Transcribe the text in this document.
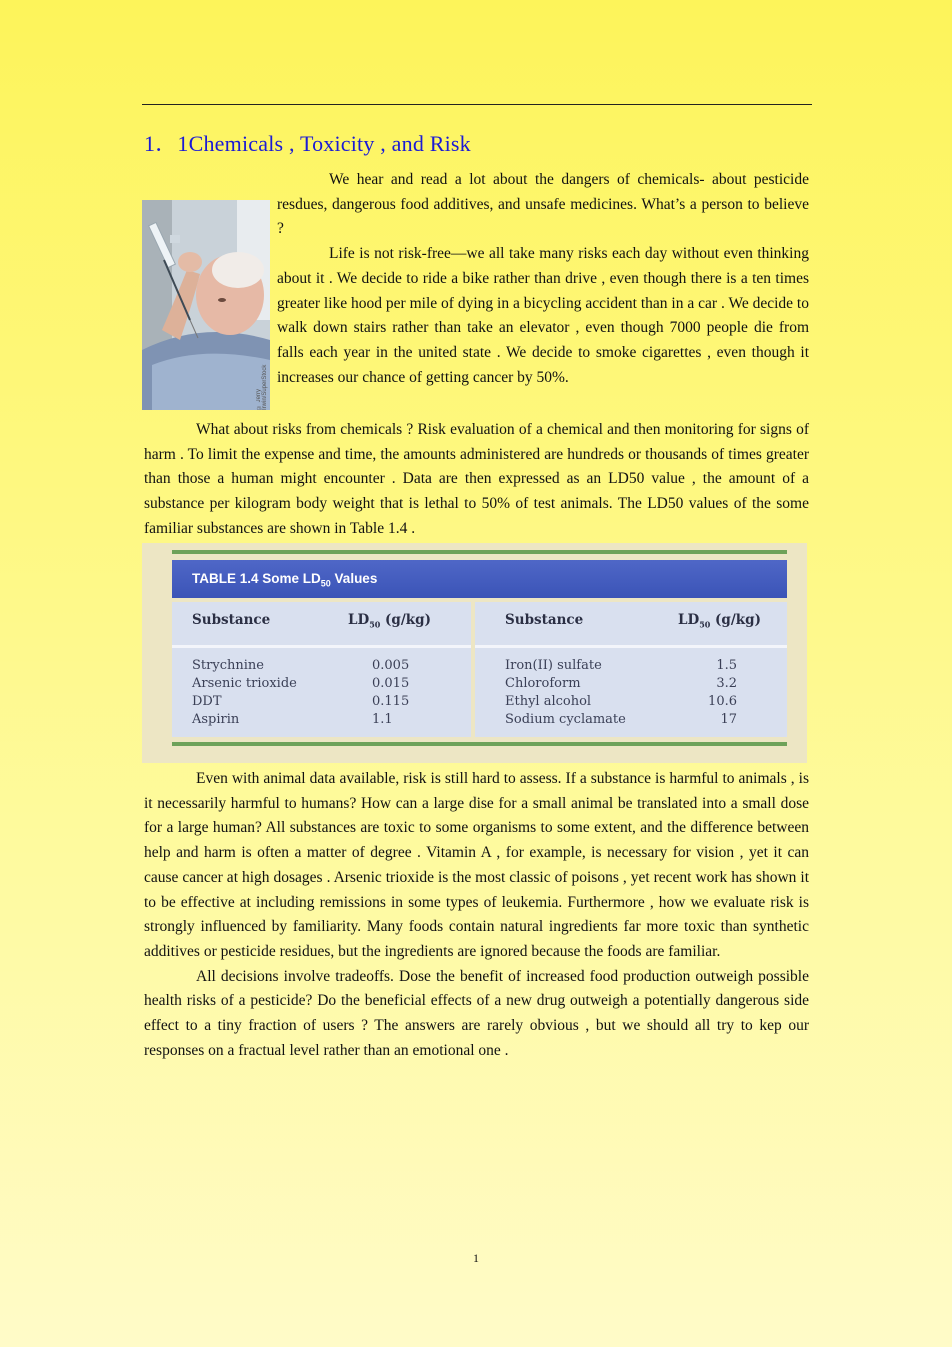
1．1Chemicals , Toxicity , and Risk
© Jerry Irwin/SuperStock

We hear and read a lot about the dangers of chemicals- about pesticide resdues, dangerous food additives, and unsafe medicines. What’s a person to believe ?

Life is not risk-free—we all take many risks each day without even thinking about it . We decide to ride a bike rather than drive , even though there is a ten times greater like hood per mile of dying in a bicycling accident than in a car . We decide to walk down stairs rather than take an elevator , even though 7000 people die from falls each year in the united state . We decide to smoke cigarettes , even though it increases our chance of getting cancer by 50%.

What about risks from chemicals ? Risk evaluation of a chemical and then monitoring for signs of harm . To limit the expense and time, the amounts administered are hundreds or thousands of times greater than those a human might encounter . Data are then expressed as an LD50 value , the amount of a substance per kilogram body weight that is lethal to 50% of test animals. The LD50 values of the some familiar substances are shown in Table 1.4 .

TABLE 1.4 Some $LD_{50}$ Values
Substance	$LD_{50}$ (g/kg)
Strychnine	0.005
Arsenic trioxide	0.015
DDT	0.115
Aspirin	1.1
Substance	$LD_{50}$ (g/kg)
Iron(II) sulfate	1.5
Chloroform	3.2
Ethyl alcohol	10.6
Sodium cyclamate	17

Even with animal data available, risk is still hard to assess. If a substance is harmful to animals , is it necessarily harmful to humans? How can a large dise for a small animal be translated into a small dose for a large human? All substances are toxic to some organisms to some extent, and the difference between help and harm is often a matter of degree . Vitamin A , for example, is necessary for vision , yet it can cause cancer at high dosages . Arsenic trioxide is the most classic of poisons , yet recent work has shown it to be effective at including remissions in some types of leukemia. Furthermore , how we evaluate risk is strongly influenced by familiarity. Many foods contain natural ingredients far more toxic than synthetic additives or pesticide residues, but the ingredients are ignored because the foods are familiar.

All decisions involve tradeoffs. Dose the benefit of increased food production outweigh possible health risks of a pesticide? Do the beneficial effects of a new drug outweigh a potentially dangerous side effect to a tiny fraction of users ? The answers are rarely obvious , but we should all try to kep our responses on a fractual level rather than an emotional one .

1
